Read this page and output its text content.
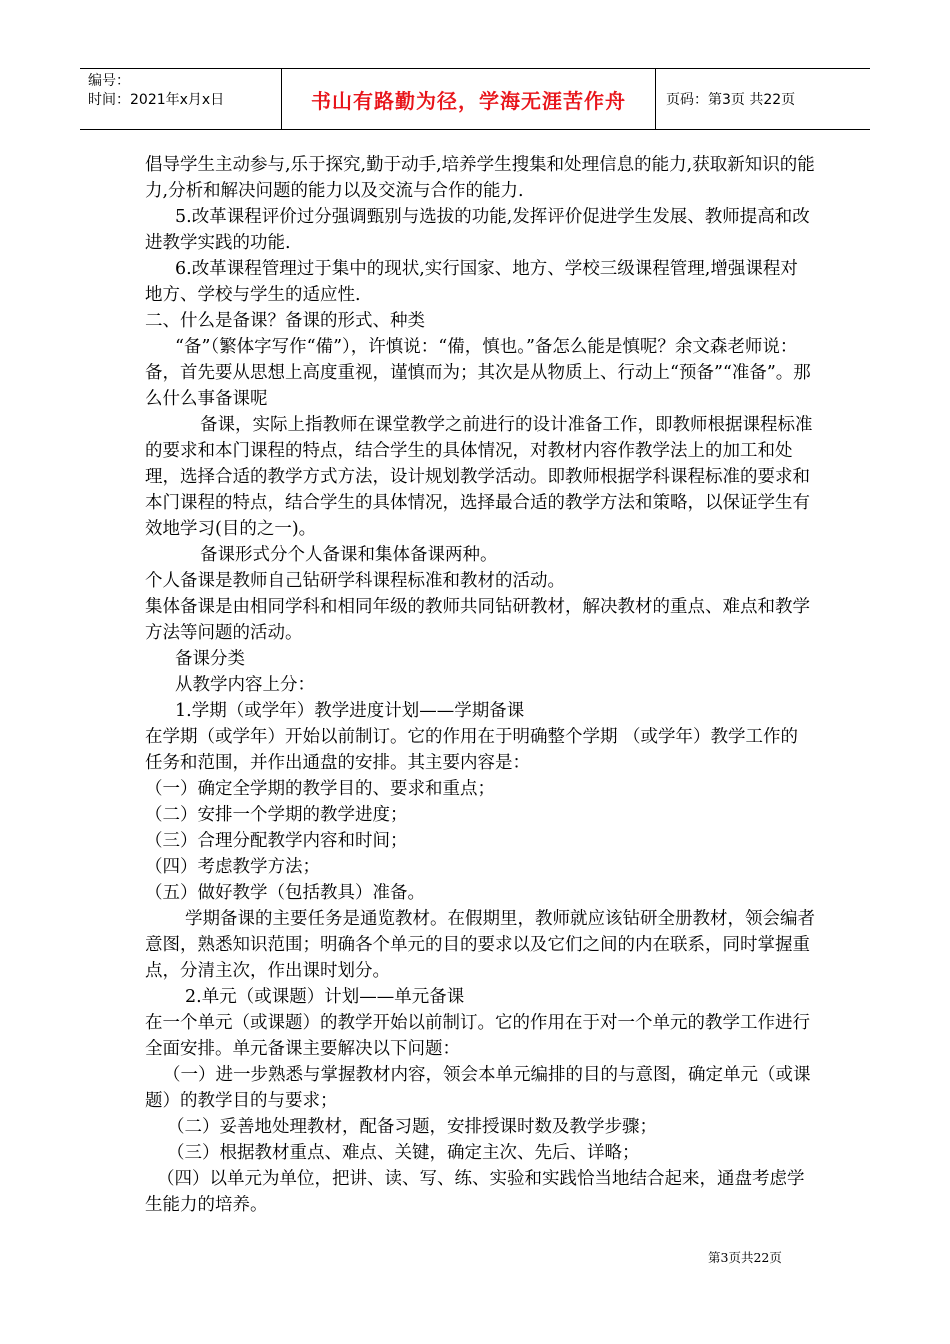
编号：
时间：2021年x月x日	书山有路勤为径，学海无涯苦作舟	页码：第3页 共22页

倡导学生主动参与,乐于探究,勤于动手,培养学生搜集和处理信息的能力,获取新知识的能力,分析和解决问题的能力以及交流与合作的能力.

5.改革课程评价过分强调甄别与选拔的功能,发挥评价促进学生发展、教师提高和改进教学实践的功能.

6.改革课程管理过于集中的现状,实行国家、地方、学校三级课程管理,增强课程对地方、学校与学生的适应性.

二、什么是备课？备课的形式、种类

“备”（繁体字写作“備”），许慎说：“備，慎也。”备怎么能是慎呢？余文森老师说：备，首先要从思想上高度重视，谨慎而为；其次是从物质上、行动上“预备”“准备”。那么什么事备课呢

备课，实际上指教师在课堂教学之前进行的设计准备工作，即教师根据课程标准的要求和本门课程的特点，结合学生的具体情况，对教材内容作教学法上的加工和处理，选择合适的教学方式方法，设计规划教学活动。即教师根据学科课程标准的要求和本门课程的特点，结合学生的具体情况，选择最合适的教学方法和策略，以保证学生有效地学习(目的之一)。

备课形式分个人备课和集体备课两种。

个人备课是教师自己钻研学科课程标准和教材的活动。

集体备课是由相同学科和相同年级的教师共同钻研教材，解决教材的重点、难点和教学方法等问题的活动。

备课分类

从教学内容上分：

1.学期（或学年）教学进度计划——学期备课

在学期（或学年）开始以前制订。它的作用在于明确整个学期 （或学年）教学工作的任务和范围，并作出通盘的安排。其主要内容是：

（一）确定全学期的教学目的、要求和重点；

（二）安排一个学期的教学进度；

（三）合理分配教学内容和时间；

（四）考虑教学方法；

（五）做好教学（包括教具）准备。

学期备课的主要任务是通览教材。在假期里，教师就应该钻研全册教材，领会编者意图，熟悉知识范围；明确各个单元的目的要求以及它们之间的内在联系，同时掌握重点，分清主次，作出课时划分。

2.单元（或课题）计划——单元备课

在一个单元（或课题）的教学开始以前制订。它的作用在于对一个单元的教学工作进行全面安排。单元备课主要解决以下问题：

（一）进一步熟悉与掌握教材内容，领会本单元编排的目的与意图，确定单元（或课题）的教学目的与要求；

（二）妥善地处理教材，配备习题，安排授课时数及教学步骤；

（三）根据教材重点、难点、关键，确定主次、先后、详略；

（四）以单元为单位，把讲、读、写、练、实验和实践恰当地结合起来，通盘考虑学生能力的培养。

第3页共22页
